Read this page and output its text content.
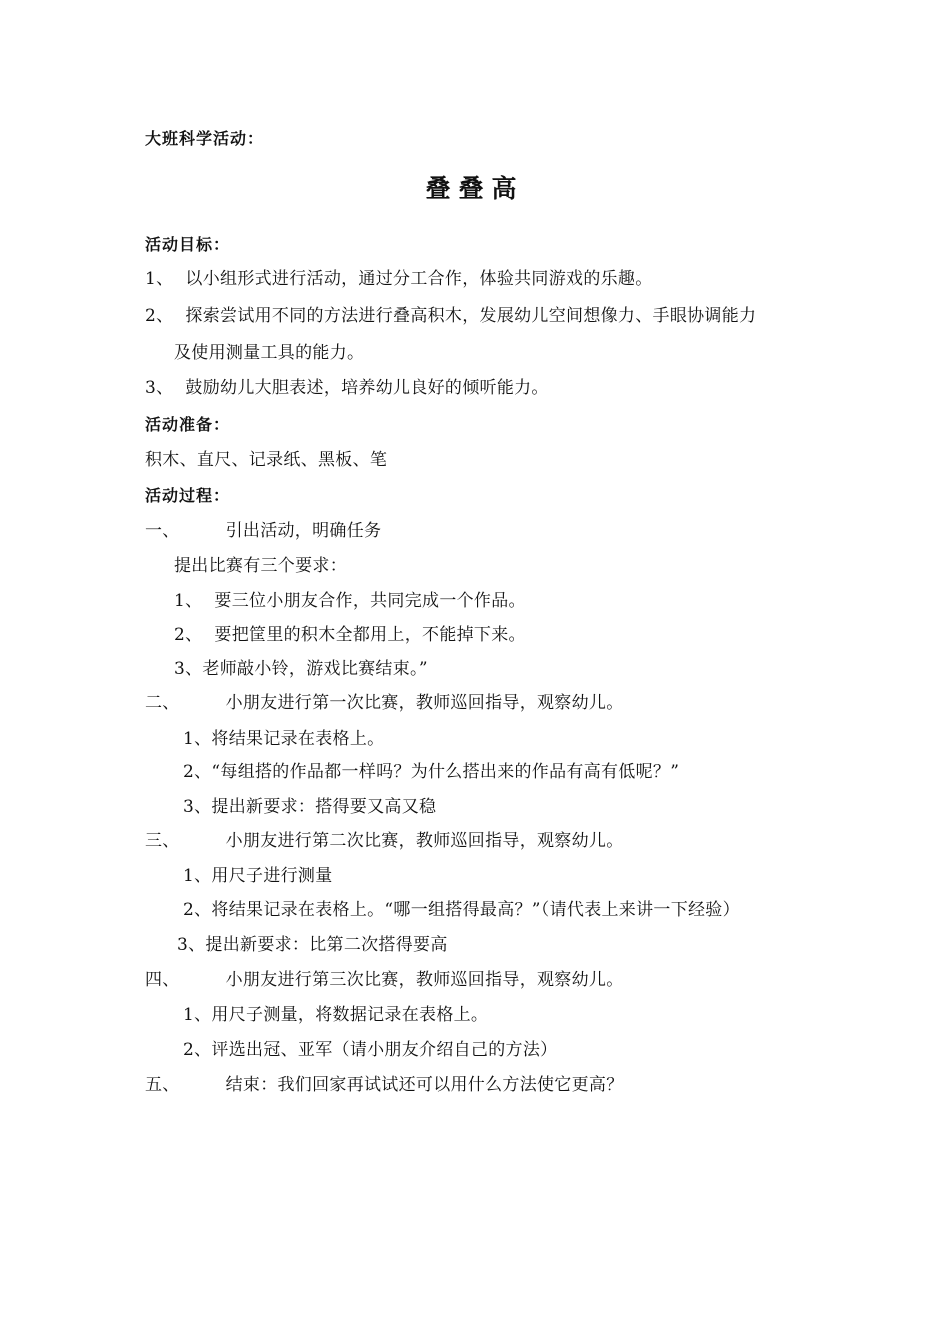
大班科学活动：
叠叠高
活动目标：
1、 以小组形式进行活动，通过分工合作，体验共同游戏的乐趣。
2、 探索尝试用不同的方法进行叠高积木，发展幼儿空间想像力、手眼协调能力
及使用测量工具的能力。
3、 鼓励幼儿大胆表述，培养幼儿良好的倾听能力。
活动准备：
积木、直尺、记录纸、黑板、笔
活动过程：
一、	引出活动，明确任务
提出比赛有三个要求：
1、 要三位小朋友合作，共同完成一个作品。
2、 要把筐里的积木全都用上，不能掉下来。
3、老师敲小铃，游戏比赛结束。”
二、	小朋友进行第一次比赛，教师巡回指导，观察幼儿。
1、将结果记录在表格上。
2、“每组搭的作品都一样吗？为什么搭出来的作品有高有低呢？”
3、提出新要求：搭得要又高又稳
三、	小朋友进行第二次比赛，教师巡回指导，观察幼儿。
1、用尺子进行测量
2、将结果记录在表格上。“哪一组搭得最高？”（请代表上来讲一下经验）
3、提出新要求：比第二次搭得要高
四、	小朋友进行第三次比赛，教师巡回指导，观察幼儿。
1、用尺子测量，将数据记录在表格上。
2、评选出冠、亚军（请小朋友介绍自己的方法）
五、	结束：我们回家再试试还可以用什么方法使它更高？
